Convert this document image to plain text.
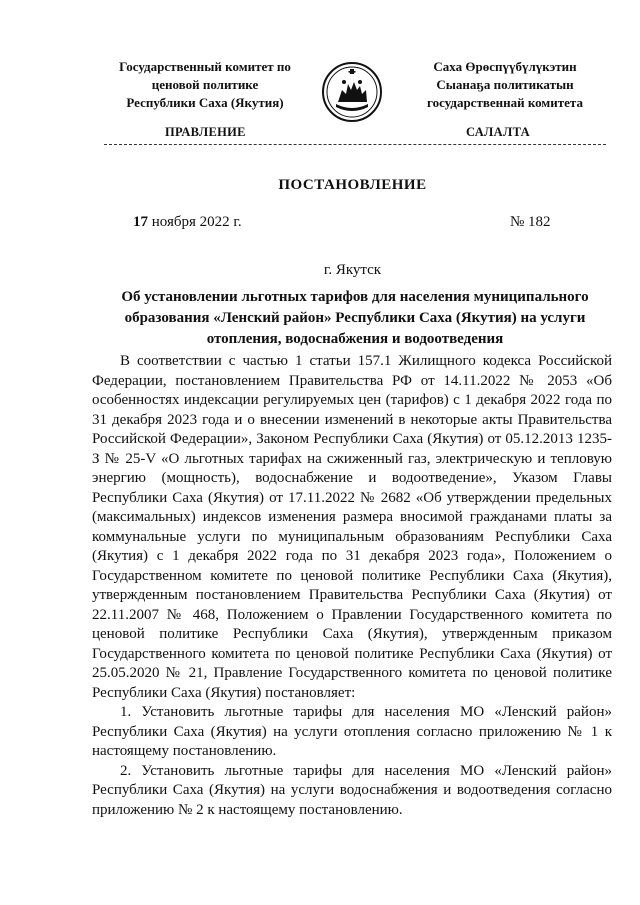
Государственный комитет по
ценовой политике
Республики Саха (Якутия)
Саха Өрөспүүбүлүкэтин
Сыанаҕа политикатын
государственнай комитета
ПРАВЛЕНИЕ	САЛАЛТА
ПОСТАНОВЛЕНИЕ
17 ноября 2022 г.	№ 182
г. Якутск
Об установлении льготных тарифов для населения муниципального
образования «Ленский район» Республики Саха (Якутия) на услуги
отопления, водоснабжения и водоотведения

В соответствии с частью 1 статьи 157.1 Жилищного кодекса Российской Федерации, постановлением Правительства РФ от 14.11.2022 № 2053 «Об особенностях индексации регулируемых цен (тарифов) с 1 декабря 2022 года по 31 декабря 2023 года и о внесении изменений в некоторые акты Правительства Российской Федерации», Законом Республики Саха (Якутия) от 05.12.2013 1235-З № 25-V «О льготных тарифах на сжиженный газ, электрическую и тепловую энергию (мощность), водоснабжение и водоотведение», Указом Главы Республики Саха (Якутия) от 17.11.2022 № 2682 «Об утверждении предельных (максимальных) индексов изменения размера вносимой гражданами платы за коммунальные услуги по муниципальным образованиям Республики Саха (Якутия) с 1 декабря 2022 года по 31 декабря 2023 года», Положением о Государственном комитете по ценовой политике Республики Саха (Якутия), утвержденным постановлением Правительства Республики Саха (Якутия) от 22.11.2007 № 468, Положением о Правлении Государственного комитета по ценовой политике Республики Саха (Якутия), утвержденным приказом Государственного комитета по ценовой политике Республики Саха (Якутия) от 25.05.2020 № 21, Правление Государственного комитета по ценовой политике Республики Саха (Якутия) постановляет:

1. Установить льготные тарифы для населения МО «Ленский район» Республики Саха (Якутия) на услуги отопления согласно приложению № 1 к настоящему постановлению.

2. Установить льготные тарифы для населения МО «Ленский район» Республики Саха (Якутия) на услуги водоснабжения и водоотведения согласно приложению № 2 к настоящему постановлению.
